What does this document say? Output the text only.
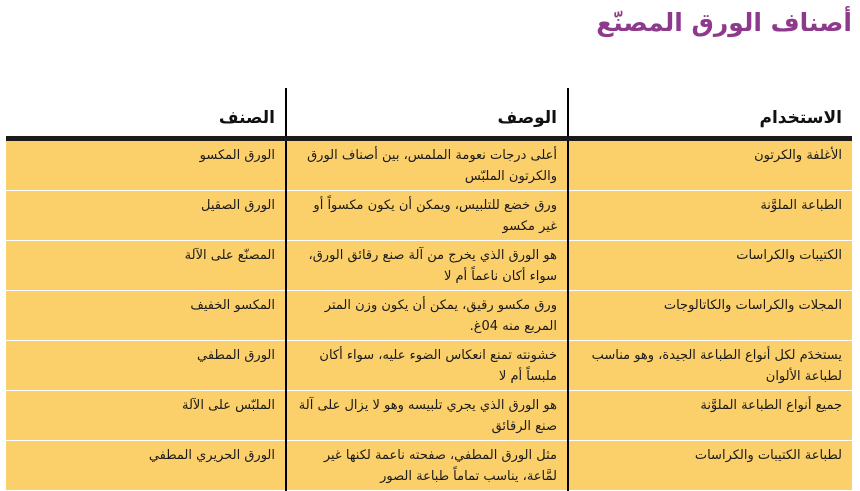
أصناف الورق المصنّع
الاستخدام	الوصف	الصنف
الأغلفة والكرتون	أعلى درجات نعومة الملمس، بين أصناف الورق والكرتون الملبّس	الورق المكسو
الطباعة الملوَّنة	ورق خضع للتلبيس، ويمكن أن يكون مكسواً أو غير مكسو	الورق الصقيل
الكتيبات والكراسات	هو الورق الذي يخرج من آلة صنع رقائق الورق، سواء أكان ناعماً أم لا	المصنّع على الآلة
المجلات والكراسات والكاتالوجات	ورق مكسو رقيق، يمكن أن يكون وزن المتر المربع منه 04غ.	المكسو الخفيف
يستخدَم لكل أنواع الطباعة الجيدة، وهو مناسب لطباعة الألوان	خشونته تمنع انعكاس الضوء عليه، سواء أكان ملبساً أم لا	الورق المطفي
جميع أنواع الطباعة الملوَّنة	هو الورق الذي يجري تلبيسه وهو لا يزال على آلة صنع الرقائق	الملبّس على الآلة
لطباعة الكتيبات والكراسات	مثل الورق المطفي، صفحته ناعمة لكنها غير لمَّاعة، يناسب تماماً طباعة الصور	الورق الحريري المطفي
